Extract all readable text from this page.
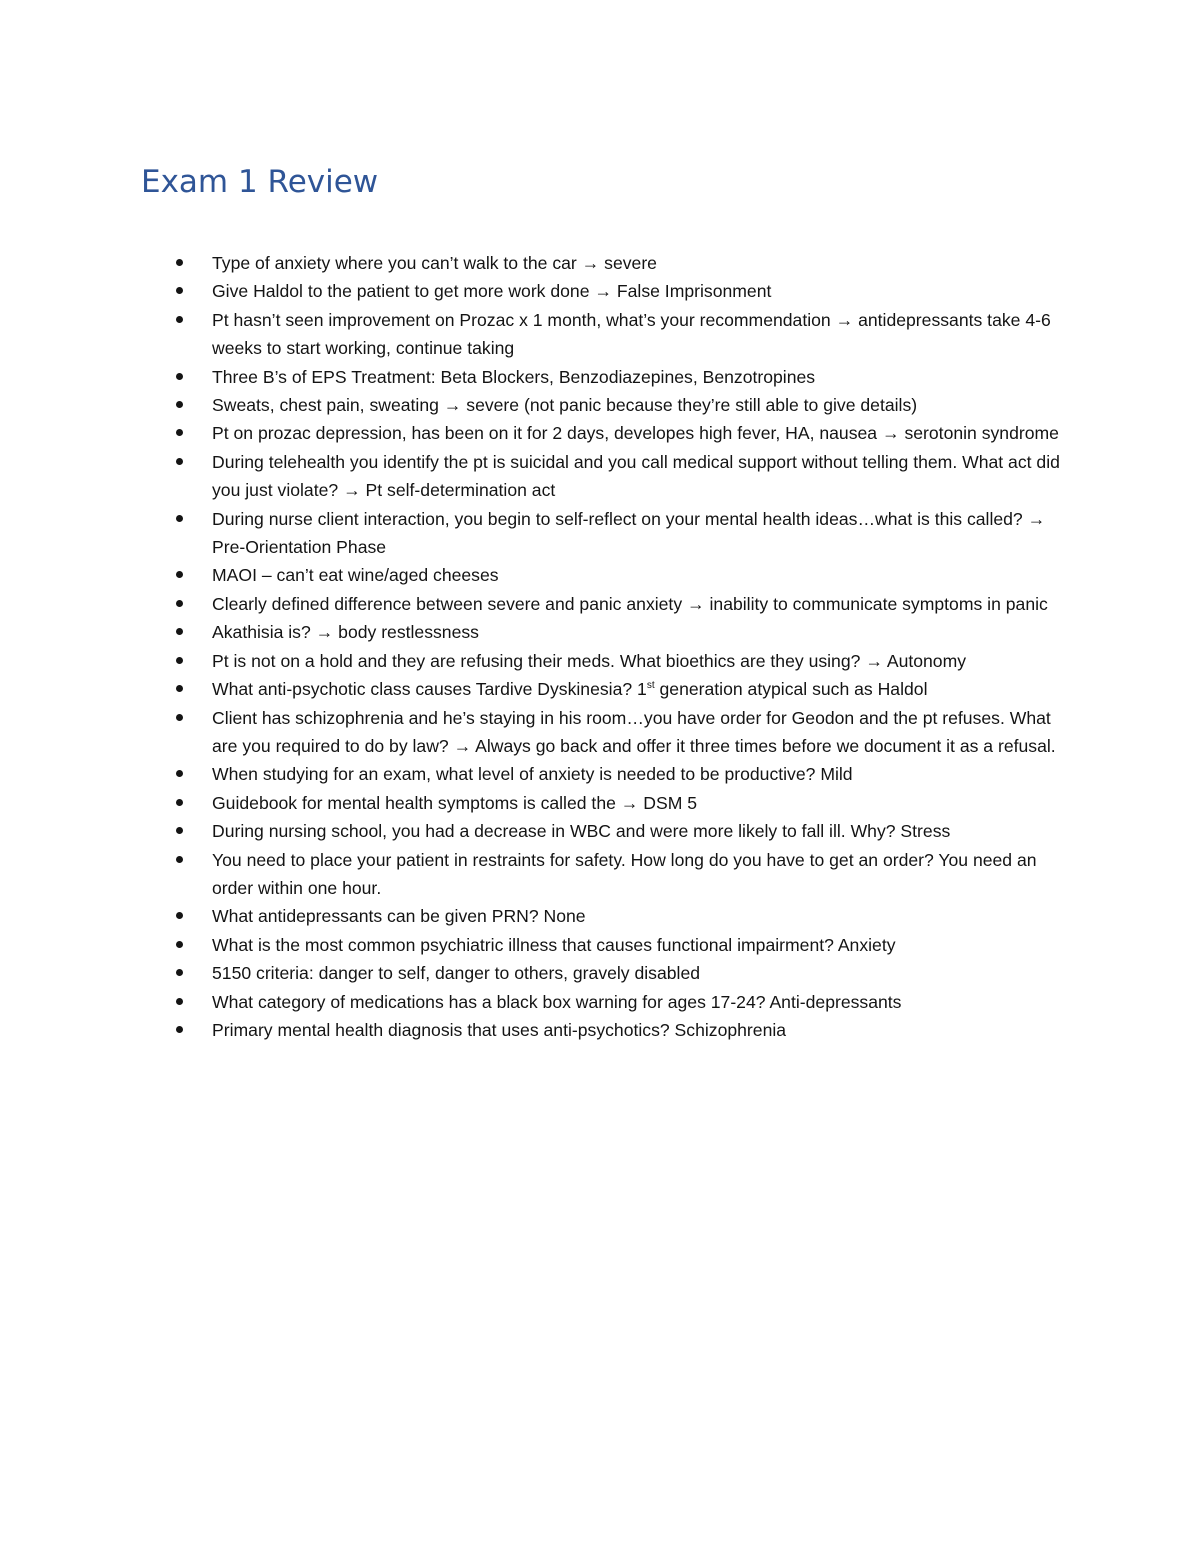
Exam 1 Review
Type of anxiety where you can’t walk to the car → severe
Give Haldol to the patient to get more work done → False Imprisonment
Pt hasn’t seen improvement on Prozac x 1 month, what’s your recommendation → antidepressants take 4-6 weeks to start working, continue taking
Three B’s of EPS Treatment: Beta Blockers, Benzodiazepines, Benzotropines
Sweats, chest pain, sweating → severe (not panic because they’re still able to give details)
Pt on prozac depression, has been on it for 2 days, developes high fever, HA, nausea → serotonin syndrome
During telehealth you identify the pt is suicidal and you call medical support without telling them. What act did you just violate? → Pt self-determination act
During nurse client interaction, you begin to self-reflect on your mental health ideas…what is this called? → Pre-Orientation Phase
MAOI – can’t eat wine/aged cheeses
Clearly defined difference between severe and panic anxiety → inability to communicate symptoms in panic
Akathisia is? → body restlessness
Pt is not on a hold and they are refusing their meds. What bioethics are they using? → Autonomy
What anti-psychotic class causes Tardive Dyskinesia? 1st generation atypical such as Haldol
Client has schizophrenia and he’s staying in his room…you have order for Geodon and the pt refuses. What are you required to do by law? → Always go back and offer it three times before we document it as a refusal.
When studying for an exam, what level of anxiety is needed to be productive? Mild
Guidebook for mental health symptoms is called the → DSM 5
During nursing school, you had a decrease in WBC and were more likely to fall ill. Why? Stress
You need to place your patient in restraints for safety. How long do you have to get an order? You need an order within one hour.
What antidepressants can be given PRN? None
What is the most common psychiatric illness that causes functional impairment? Anxiety
5150 criteria: danger to self, danger to others, gravely disabled
What category of medications has a black box warning for ages 17-24? Anti-depressants
Primary mental health diagnosis that uses anti-psychotics? Schizophrenia
